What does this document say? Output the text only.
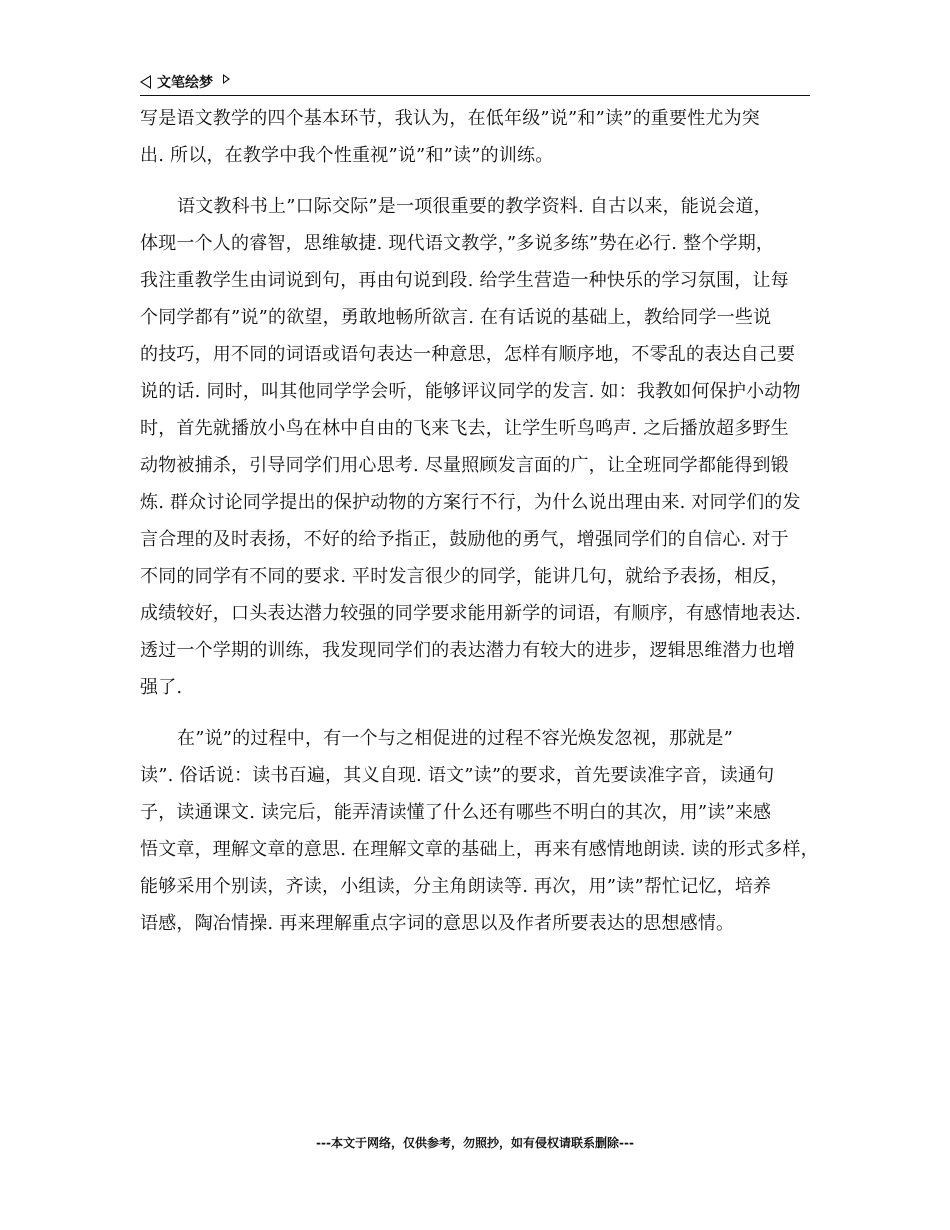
文笔绘梦
写是语文教学的四个基本环节，我认为，在低年级”说”和”读”的重要性尤为突
出. 所以，在教学中我个性重视”说”和”读”的训练。
语文教科书上”口际交际”是一项很重要的教学资料. 自古以来，能说会道，
体现一个人的睿智，思维敏捷. 现代语文教学，”多说多练”势在必行. 整个学期，
我注重教学生由词说到句，再由句说到段. 给学生营造一种快乐的学习氛围，让每
个同学都有”说”的欲望，勇敢地畅所欲言. 在有话说的基础上，教给同学一些说
的技巧，用不同的词语或语句表达一种意思，怎样有顺序地，不零乱的表达自己要
说的话. 同时，叫其他同学学会听，能够评议同学的发言. 如：我教如何保护小动物
时，首先就播放小鸟在林中自由的飞来飞去，让学生听鸟鸣声. 之后播放超多野生
动物被捕杀，引导同学们用心思考. 尽量照顾发言面的广，让全班同学都能得到锻
炼. 群众讨论同学提出的保护动物的方案行不行，为什么说出理由来. 对同学们的发
言合理的及时表扬，不好的给予指正，鼓励他的勇气，增强同学们的自信心. 对于
不同的同学有不同的要求. 平时发言很少的同学，能讲几句，就给予表扬，相反，
成绩较好，口头表达潜力较强的同学要求能用新学的词语，有顺序，有感情地表达.
透过一个学期的训练，我发现同学们的表达潜力有较大的进步，逻辑思维潜力也增
强了.
在”说”的过程中，有一个与之相促进的过程不容光焕发忽视，那就是”
读”. 俗话说：读书百遍，其义自现. 语文”读”的要求，首先要读准字音，读通句
子，读通课文. 读完后，能弄清读懂了什么还有哪些不明白的其次，用”读”来感
悟文章，理解文章的意思. 在理解文章的基础上，再来有感情地朗读. 读的形式多样，
能够采用个别读，齐读，小组读，分主角朗读等. 再次，用”读”帮忙记忆，培养
语感，陶冶情操. 再来理解重点字词的意思以及作者所要表达的思想感情。
---本文于网络，仅供参考，勿照抄，如有侵权请联系删除---
